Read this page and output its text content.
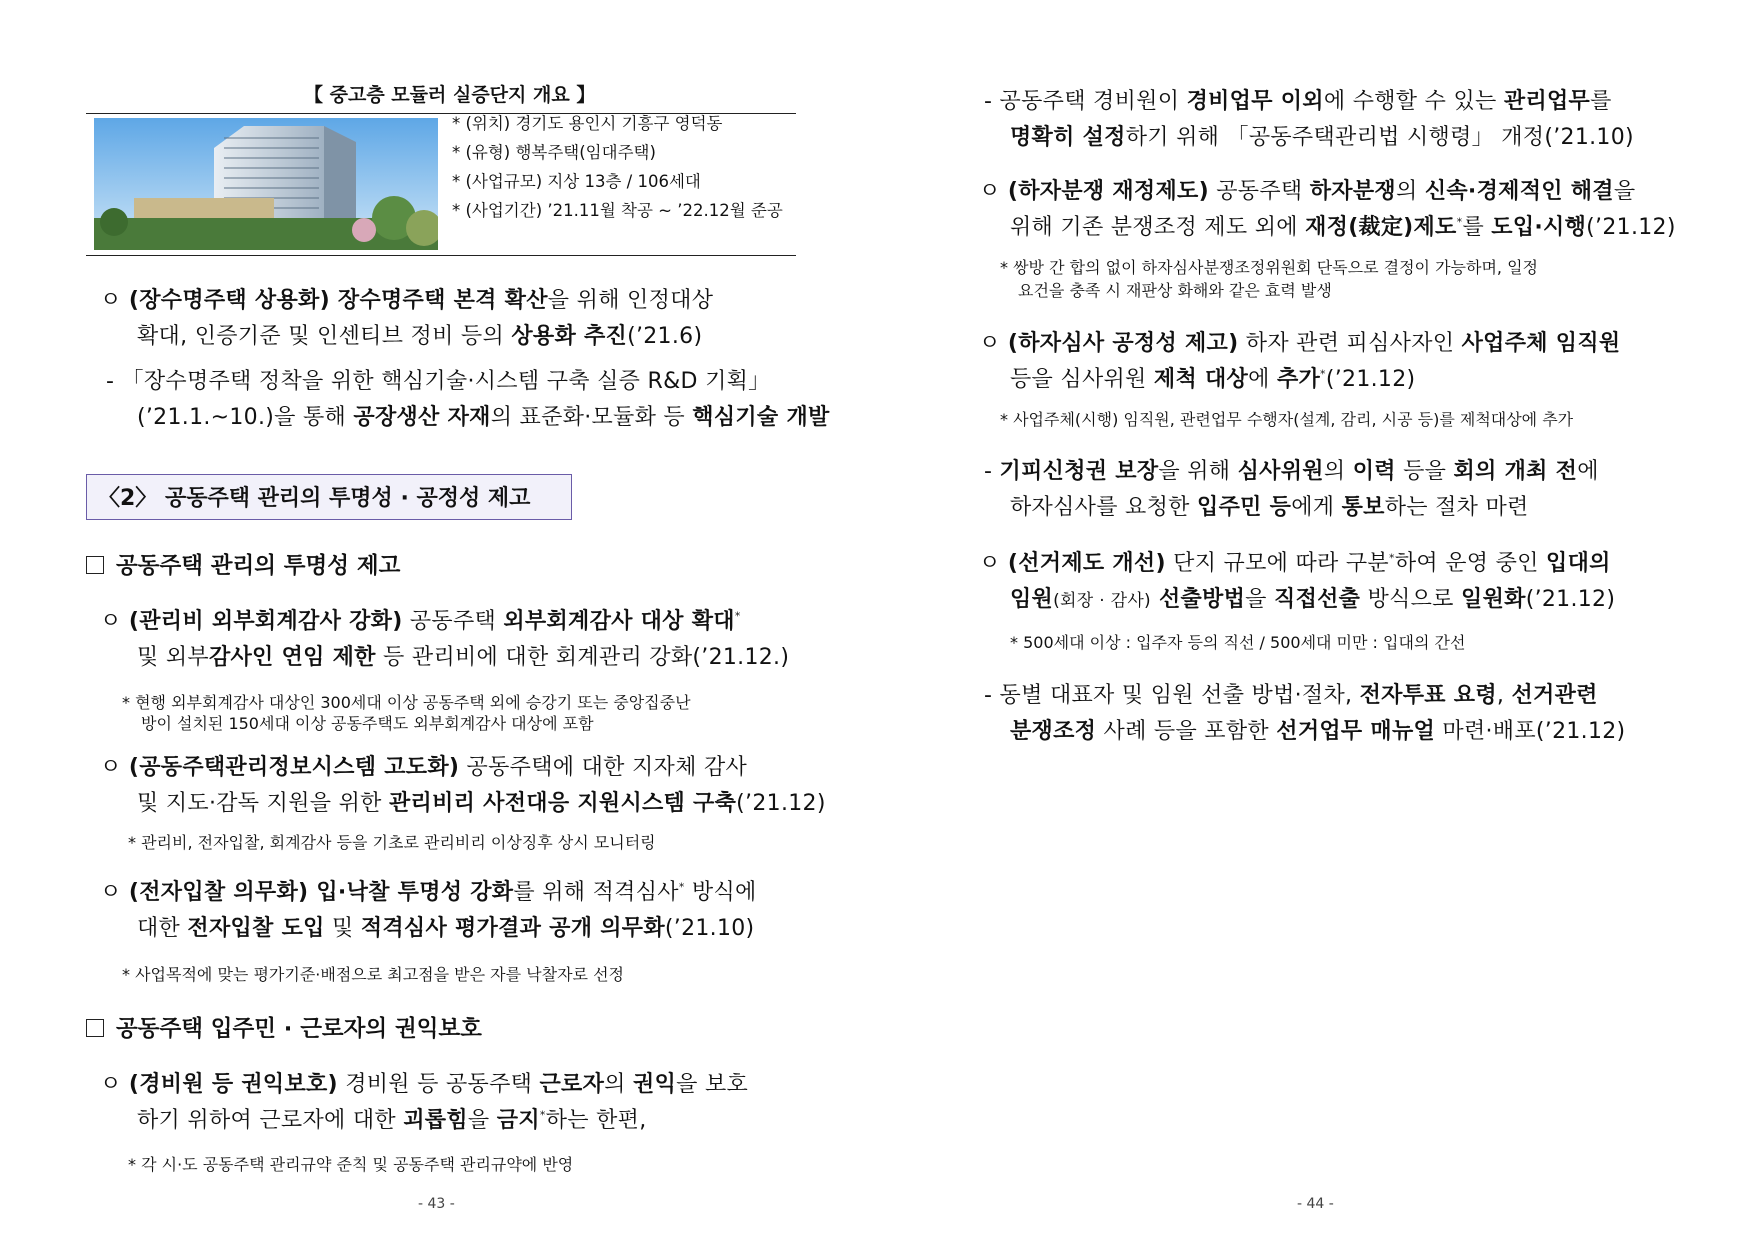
【 중고층 모듈러 실증단지 개요 】
* (위치) 경기도 용인시 기흥구 영덕동
* (유형) 행복주택(임대주택)
* (사업규모) 지상 13층 / 106세대
* (사업기간) ’21.11월 착공 ~ ’22.12월 준공
ㅇ (장수명주택 상용화) 장수명주택 본격 확산을 위해 인정대상
확대, 인증기준 및 인센티브 정비 등의 상용화 추진(’21.6)
- 「장수명주택 정착을 위한 핵심기술·시스템 구축 실증 R&D 기획」
(’21.1.~10.)을 통해 공장생산 자재의 표준화·모듈화 등 핵심기술 개발
〈2〉 공동주택 관리의 투명성 · 공정성 제고
공동주택 관리의 투명성 제고
ㅇ (관리비 외부회계감사 강화) 공동주택 외부회계감사 대상 확대*
및 외부감사인 연임 제한 등 관리비에 대한 회계관리 강화(’21.12.)
* 현행 외부회계감사 대상인 300세대 이상 공동주택 외에 승강기 또는 중앙집중난
방이 설치된 150세대 이상 공동주택도 외부회계감사 대상에 포함
ㅇ (공동주택관리정보시스템 고도화) 공동주택에 대한 지자체 감사
및 지도·감독 지원을 위한 관리비리 사전대응 지원시스템 구축(’21.12)
* 관리비, 전자입찰, 회계감사 등을 기초로 관리비리 이상징후 상시 모니터링
ㅇ (전자입찰 의무화) 입·낙찰 투명성 강화를 위해 적격심사* 방식에
대한 전자입찰 도입 및 적격심사 평가결과 공개 의무화(’21.10)
* 사업목적에 맞는 평가기준·배점으로 최고점을 받은 자를 낙찰자로 선정
공동주택 입주민 · 근로자의 권익보호
ㅇ (경비원 등 권익보호) 경비원 등 공동주택 근로자의 권익을 보호
하기 위하여 근로자에 대한 괴롭힘을 금지*하는 한편,
* 각 시·도 공동주택 관리규약 준칙 및 공동주택 관리규약에 반영
- 43 -
- 공동주택 경비원이 경비업무 이외에 수행할 수 있는 관리업무를
명확히 설정하기 위해 「공동주택관리법 시행령」 개정(’21.10)
ㅇ (하자분쟁 재정제도) 공동주택 하자분쟁의 신속·경제적인 해결을
위해 기존 분쟁조정 제도 외에 재정(裁定)제도*를 도입·시행(’21.12)
* 쌍방 간 합의 없이 하자심사분쟁조정위원회 단독으로 결정이 가능하며, 일정
요건을 충족 시 재판상 화해와 같은 효력 발생
ㅇ (하자심사 공정성 제고) 하자 관련 피심사자인 사업주체 임직원
등을 심사위원 제척 대상에 추가*(’21.12)
* 사업주체(시행) 임직원, 관련업무 수행자(설계, 감리, 시공 등)를 제척대상에 추가
- 기피신청권 보장을 위해 심사위원의 이력 등을 회의 개최 전에
하자심사를 요청한 입주민 등에게 통보하는 절차 마련
ㅇ (선거제도 개선) 단지 규모에 따라 구분*하여 운영 중인 입대의
임원(회장 · 감사) 선출방법을 직접선출 방식으로 일원화(’21.12)
* 500세대 이상 : 입주자 등의 직선 / 500세대 미만 : 입대의 간선
- 동별 대표자 및 임원 선출 방법·절차, 전자투표 요령, 선거관련
분쟁조정 사례 등을 포함한 선거업무 매뉴얼 마련·배포(’21.12)
- 44 -
